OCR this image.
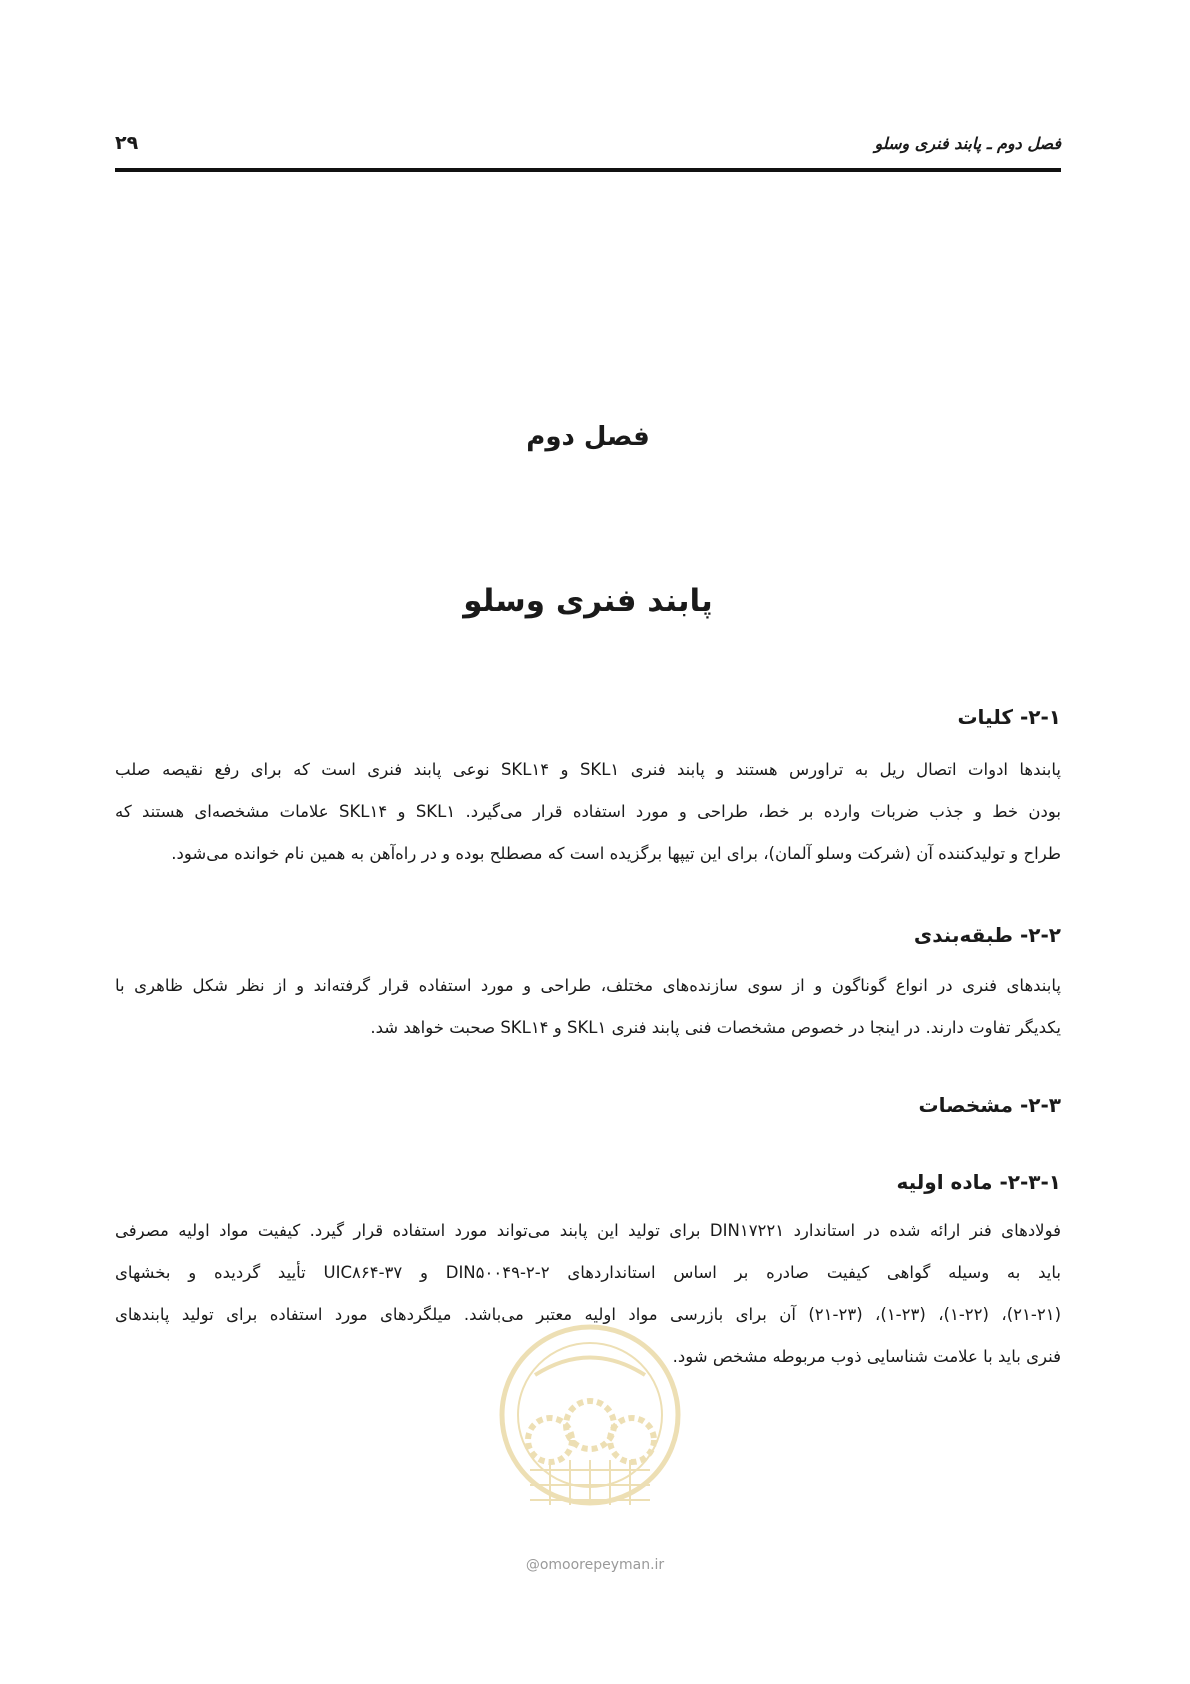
فصل دوم ـ پابند فنری وسلو
۲۹
فصل دوم
پابند فنری وسلو
۲-۱- کلیات
پابندها ادوات اتصال ریل به تراورس هستند و پابند فنری SKL۱ و SKL۱۴ نوعی پابند فنری است که برای رفع نقیصه صلب
بودن خط و جذب ضربات وارده بر خط، طراحی و مورد استفاده قرار می‌گیرد. SKL۱ و SKL۱۴ علامات مشخصه‌ای هستند که
طراح و تولیدکننده آن (شرکت وسلو آلمان)، برای این تیپها برگزیده است که مصطلح بوده و در راه‌آهن به همین نام خوانده می‌شود.
۲-۲- طبقه‌بندی
پابندهای فنری در انواع گوناگون و از سوی سازنده‌های مختلف، طراحی و مورد استفاده قرار گرفته‌اند و از نظر شکل ظاهری با
یکدیگر تفاوت دارند. در اینجا در خصوص مشخصات فنی پابند فنری SKL۱ و SKL۱۴ صحبت خواهد شد.
۲-۳- مشخصات
۲-۳-۱- ماده اولیه
فولادهای فنر ارائه شده در استاندارد DIN۱۷۲۲۱ برای تولید این پابند می‌تواند مورد استفاده قرار گیرد. کیفیت مواد اولیه مصرفی
باید به وسیله گواهی کیفیت صادره بر اساس استانداردهای DIN۵۰۰۴۹-۲-۲ و UIC۸۶۴-۳۷ تأیید گردیده و بخشهای
(۲۱-۲۱)، (۱-۲۲)، (۱-۲۳)، (۲۱-۲۳) آن برای بازرسی مواد اولیه معتبر می‌باشد. میلگردهای مورد استفاده برای تولید پابندهای
فنری باید با علامت شناسایی ذوب مربوطه مشخص شود.
@omoorepeyman.ir
